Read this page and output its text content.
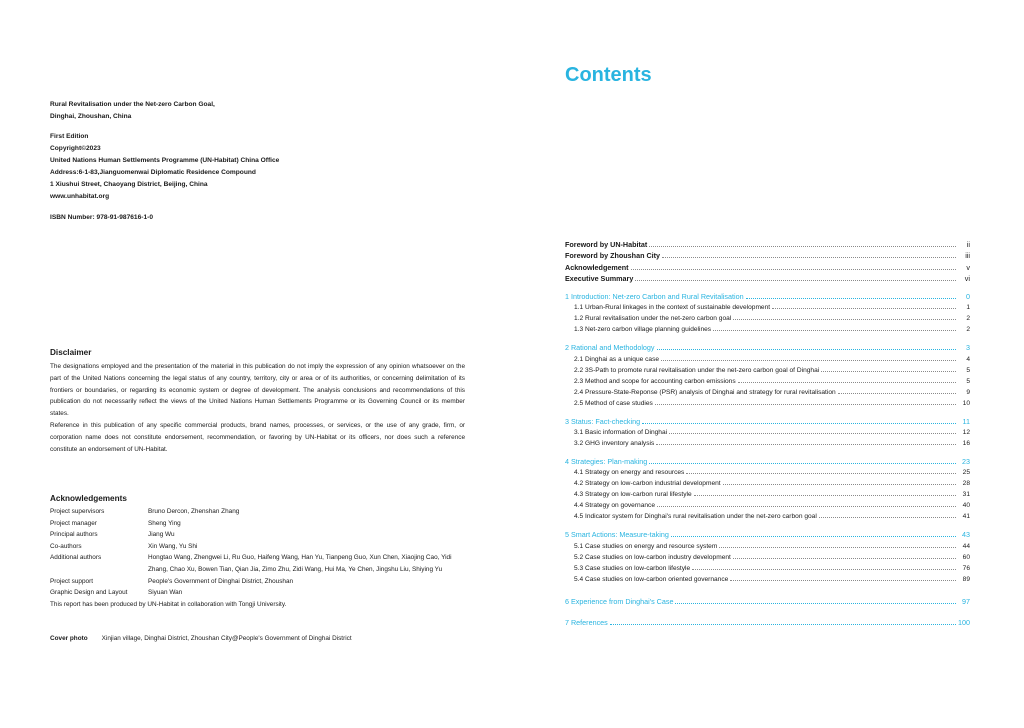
Rural Revitalisation under the Net-zero Carbon Goal,
Dinghai, Zhoushan, China
First Edition
Copyright©2023
United Nations Human Settlements Programme (UN-Habitat) China Office
Address:6-1-83,Jianguomenwai Diplomatic Residence Compound
1 Xiushui Street, Chaoyang District, Beijing, China
www.unhabitat.org
ISBN Number: 978-91-987616-1-0
Disclaimer
The designations employed and the presentation of the material in this publication do not imply the expression of any opinion whatsoever on the part of the United Nations concerning the legal status of any country, territory, city or area or of its authorities, or concerning delimitation of its frontiers or boundaries, or regarding its economic system or degree of development. The analysis conclusions and recommendations of this publication do not necessarily reflect the views of the United Nations Human Settlements Programme or its Governing Council or its member states.
Reference in this publication of any specific commercial products, brand names, processes, or services, or the use of any grade, firm, or corporation name does not constitute endorsement, recommendation, or favoring by UN-Habitat or its officers, nor does such a reference constitute an endorsement of UN-Habitat.
Acknowledgements
Project supervisors	Bruno Dercon, Zhenshan Zhang
Project manager	Sheng Ying
Principal authors	Jiang Wu
Co-authors	Xin Wang, Yu Shi
Additional authors	Hongtao Wang, Zhengwei Li, Ru Guo, Haifeng Wang, Han Yu, Tianpeng Guo, Xun Chen, Xiaojing Cao, Yidi Zhang, Chao Xu, Bowen Tian, Qian Jia, Zimo Zhu, Zidi Wang, Hui Ma, Ye Chen, Jingshu Liu, Shiying Yu
Project support	People's Government of Dinghai District, Zhoushan
Graphic Design and Layout	Siyuan Wan
This report has been produced by UN-Habitat in collaboration with Tongji University.
Cover photo Xinjian village, Dinghai District, Zhoushan City@People's Government of Dinghai District
Contents
Foreword by UN-Habitat	ii
Foreword by Zhoushan City	iii
Acknowledgement	v
Executive Summary	vi
1 Introduction: Net-zero Carbon and Rural Revitalisation	0
1.1 Urban-Rural linkages in the context of sustainable development	1
1.2 Rural revitalisation under the net-zero carbon goal	2
1.3 Net-zero carbon village planning guidelines	2
2 Rational and Methodology	3
2.1 Dinghai as a unique case	4
2.2 3S-Path to promote rural revitalisation under the net-zero carbon goal of Dinghai	5
2.3 Method and scope for accounting carbon emissions	5
2.4 Pressure-State-Reponse (PSR) analysis of Dinghai and strategy for rural revitalisation	9
2.5 Method of case studies	10
3 Status: Fact-checking	11
3.1 Basic information of Dinghai	12
3.2 GHG inventory analysis	16
4 Strategies: Plan-making	23
4.1 Strategy on energy and resources	25
4.2 Strategy on low-carbon industrial development	28
4.3 Strategy on low-carbon rural lifestyle	31
4.4 Strategy on governance	40
4.5 Indicator system for Dinghai's rural revitalisation under the net-zero carbon goal	41
5 Smart Actions: Measure-taking	43
5.1 Case studies on energy and resource system	44
5.2 Case studies on low-carbon industry development	60
5.3 Case studies on low-carbon lifestyle	76
5.4 Case studies on low-carbon oriented governance	89
6 Experience from Dinghai's Case	97
7 References	100
